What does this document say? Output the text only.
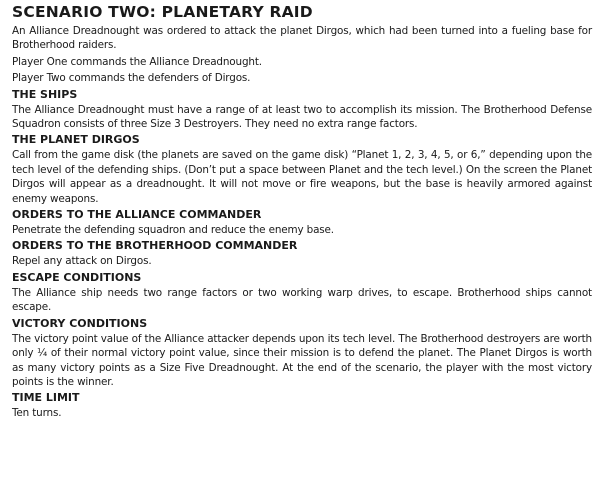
SCENARIO TWO: PLANETARY RAID
An Alliance Dreadnought was ordered to attack the planet Dirgos, which had been turned into a fueling base for Brotherhood raiders.
Player One commands the Alliance Dreadnought.
Player Two commands the defenders of Dirgos.
THE SHIPS
The Alliance Dreadnought must have a range of at least two to accomplish its mission. The Brotherhood Defense Squadron consists of three Size 3 Destroyers. They need no extra range factors.
THE PLANET DIRGOS
Call from the game disk (the planets are saved on the game disk) “Planet 1, 2, 3, 4, 5, or 6,” depending upon the tech level of the defending ships. (Don’t put a space between Planet and the tech level.) On the screen the Planet Dirgos will appear as a dreadnought. It will not move or fire weapons, but the base is heavily armored against enemy weapons.
ORDERS TO THE ALLIANCE COMMANDER
Penetrate the defending squadron and reduce the enemy base.
ORDERS TO THE BROTHERHOOD COMMANDER
Repel any attack on Dirgos.
ESCAPE CONDITIONS
The Alliance ship needs two range factors or two working warp drives, to escape. Brotherhood ships cannot escape.
VICTORY CONDITIONS
The victory point value of the Alliance attacker depends upon its tech level. The Brotherhood destroyers are worth only ¼ of their normal victory point value, since their mission is to defend the planet. The Planet Dirgos is worth as many victory points as a Size Five Dreadnought. At the end of the scenario, the player with the most victory points is the winner.
TIME LIMIT
Ten turns.
